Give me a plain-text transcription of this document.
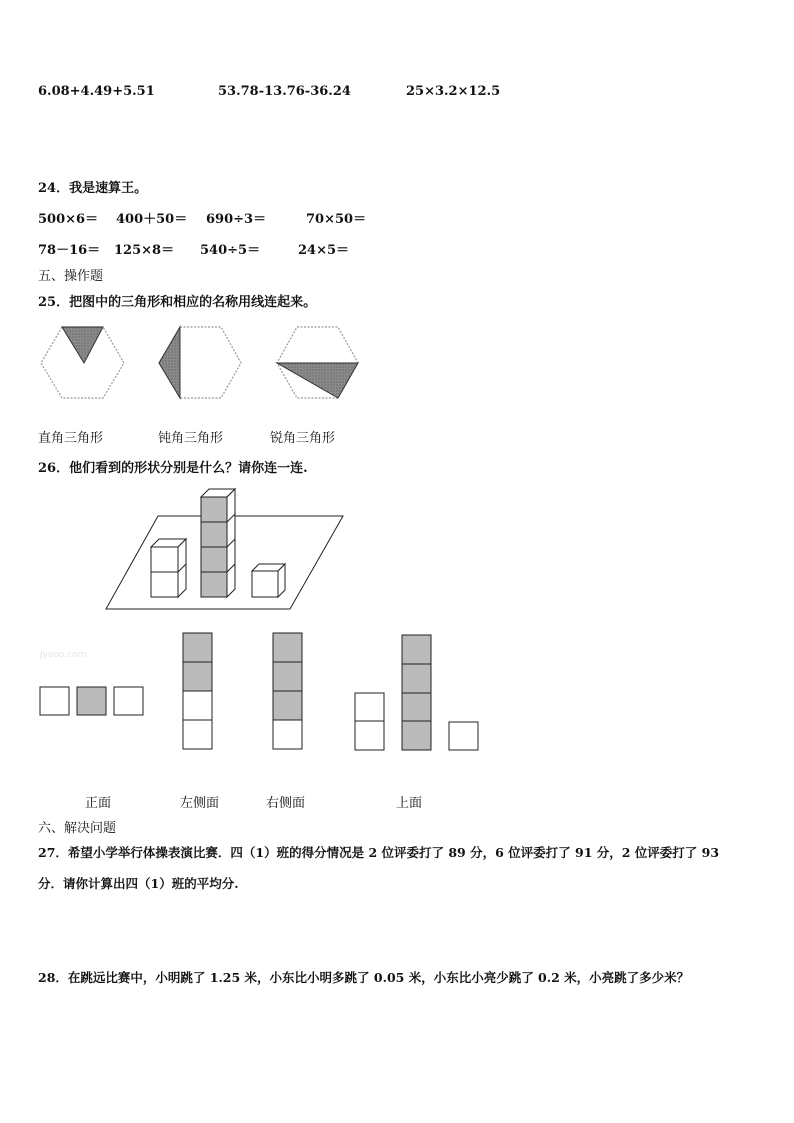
6.08+4.49+5.51	53.78-13.76-36.24	25×3.2×12.5
24．我是速算王。
500×6＝ 400＋50＝ 690÷3＝	70×50＝
78－16＝ 125×8＝ 540÷5＝	24×5＝
五、操作题
25．把图中的三角形和相应的名称用线连起来。
直角三角形	钝角三角形	锐角三角形
26．他们看到的形状分别是什么？请你连一连.
Jyeoo.com
正面	左侧面	右侧面	上面
六、解决问题
27．希望小学举行体操表演比赛．四（1）班的得分情况是 2 位评委打了 89 分，6 位评委打了 91 分，2 位评委打了 93
分．请你计算出四（1）班的平均分.
28．在跳远比赛中，小明跳了 1.25 米，小东比小明多跳了 0.05 米，小东比小亮少跳了 0.2 米，小亮跳了多少米？
